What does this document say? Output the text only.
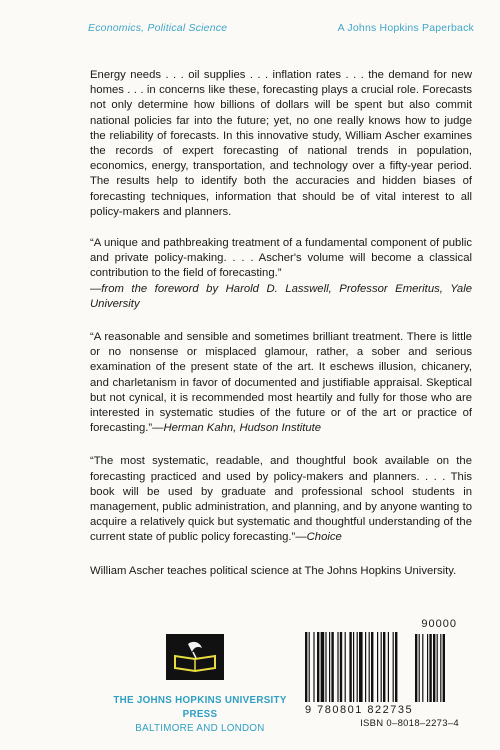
Economics, Political Science	A Johns Hopkins Paperback

Energy needs . . . oil supplies . . . inflation rates . . . the demand for new homes . . . in concerns like these, forecasting plays a crucial role. Forecasts not only determine how billions of dollars will be spent but also commit national policies far into the future; yet, no one really knows how to judge the reliability of forecasts. In this innovative study, William Ascher examines the records of expert forecasting of national trends in population, economics, energy, transportation, and technology over a fifty-year period. The results help to identify both the accuracies and hidden biases of forecasting techniques, information that should be of vital interest to all policy-makers and planners.

“A unique and pathbreaking treatment of a fundamental component of public and private policy-making. . . . Ascher's volume will become a classical contribution to the field of forecasting.”
—from the foreword by Harold D. Lasswell, Professor Emeritus, Yale University

“A reasonable and sensible and sometimes brilliant treatment. There is little or no nonsense or misplaced glamour, rather, a sober and serious examination of the present state of the art. It eschews illusion, chicanery, and charletanism in favor of documented and justifiable appraisal. Skeptical but not cynical, it is recommended most heartily and fully for those who are interested in systematic studies of the future or of the art or practice of forecasting.”—Herman Kahn, Hudson Institute

“The most systematic, readable, and thoughtful book available on the forecasting practiced and used by policy-makers and planners. . . . This book will be used by graduate and professional school students in management, public administration, and planning, and by anyone wanting to acquire a relatively quick but systematic and thoughtful understanding of the current state of public policy forecasting.”—Choice

William Ascher teaches political science at The Johns Hopkins University.

THE JOHNS HOPKINS UNIVERSITY PRESS
BALTIMORE AND LONDON
90000
9 780801 822735
ISBN 0–8018–2273–4
